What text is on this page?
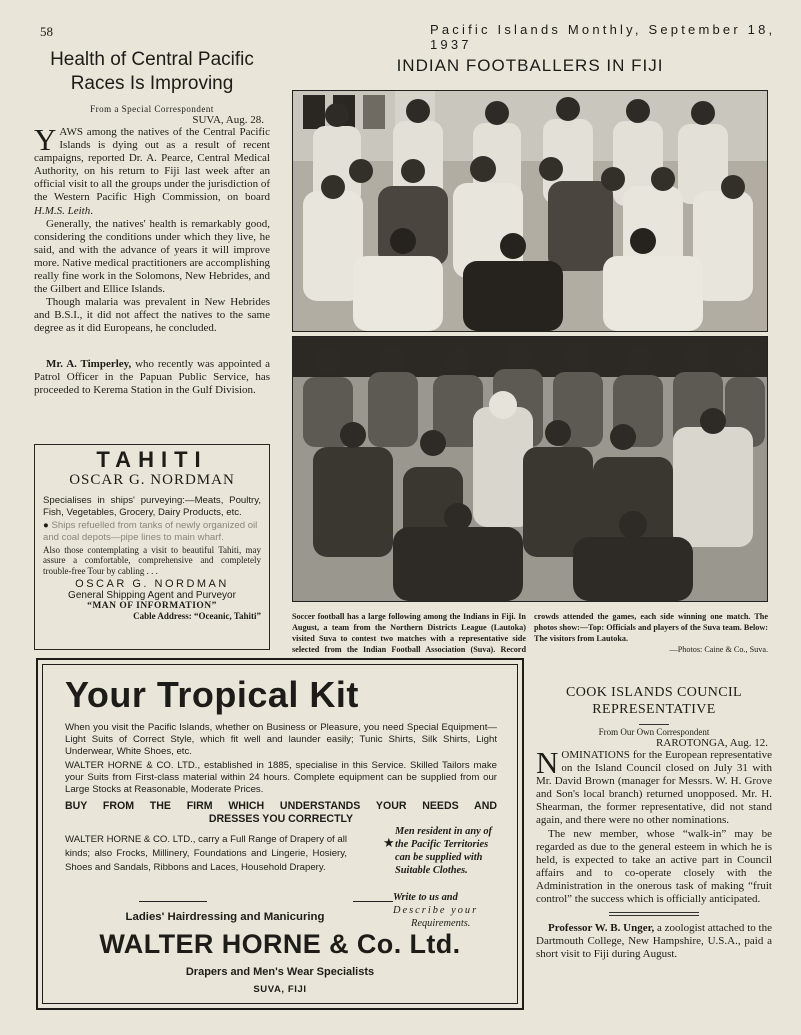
58	Pacific Islands Monthly, September 18, 1937
Health of Central Pacific
Races Is Improving
From a Special Correspondent
SUVA, Aug. 28.

YAWS among the natives of the Central Pacific Islands is dying out as a result of recent campaigns, reported Dr. A. Pearce, Central Medical Authority, on his return to Fiji last week after an official visit to all the groups under the jurisdiction of the Western Pacific High Commission, on board H.M.S. Leith.

Generally, the natives' health is remarkably good, considering the conditions under which they live, he said, and with the advance of years it will improve more. Native medical practitioners are accomplishing really fine work in the Solomons, New Hebrides, and the Gilbert and Ellice Islands.

Though malaria was prevalent in New Hebrides and B.S.I., it did not affect the natives to the same degree as it did Europeans, he concluded.

Mr. A. Timperley, who recently was appointed a Patrol Officer in the Papuan Public Service, has proceeded to Kerema Station in the Gulf Division.

TAHITI
OSCAR G. NORDMAN

Specialises in ships' purveying:—Meats, Poultry, Fish, Vegetables, Grocery, Dairy Products, etc.

● Ships refuelled from tanks of newly organized oil and coal depots—pipe lines to main wharf.

Also those contemplating a visit to beautiful Tahiti, may assure a comfortable, comprehensive and completely trouble-free Tour by cabling . . .

OSCAR G. NORDMAN
General Shipping Agent and Purveyor
“MAN OF INFORMATION”
Cable Address: “Oceanic, Tahiti”
INDIAN FOOTBALLERS IN FIJI
Soccer football has a large following among the Indians in Fiji. In August, a team from the Northern Districts League (Lautoka) visited Suva to contest two matches with a representative side selected from the Indian Football Association (Suva). Record crowds attended the games, each side winning one match. The photos show:—Top: Officials and players of the Suva team. Below: The visitors from Lautoka.
—Photos: Caine & Co., Suva.
Your Tropical Kit

When you visit the Pacific Islands, whether on Business or Pleasure, you need Special Equipment—Light Suits of Correct Style, which fit well and launder easily; Tunic Shirts, Silk Shirts, Light Underwear, White Shoes, etc.

WALTER HORNE & CO. LTD., established in 1885, specialise in this Service. Skilled Tailors make your Suits from First-class material within 24 hours. Complete equipment can be supplied from our Large Stocks at Reasonable, Moderate Prices.

BUY FROM THE FIRM WHICH UNDERSTANDS YOUR NEEDS AND
DRESSES YOU CORRECTLY

WALTER HORNE & CO. LTD., carry a Full Range of Drapery of all kinds; also Frocks, Millinery, Foundations and Lingerie, Hosiery, Shoes and Sandals, Ribbons and Laces, Household Drapery.

★
Men resident in any of the Pacific Territories can be supplied with Suitable Clothes.
Write to us and
Describe your
Requirements.
Ladies' Hairdressing and Manicuring
WALTER HORNE & Co. Ltd.
Drapers and Men's Wear Specialists
SUVA, FIJI
COOK ISLANDS COUNCIL
REPRESENTATIVE
From Our Own Correspondent
RAROTONGA, Aug. 12.

NOMINATIONS for the European representative on the Island Council closed on July 31 with Mr. David Brown (manager for Messrs. W. H. Grove and Son's local branch) returned unopposed. Mr. H. Shearman, the former representative, did not stand again, and there were no other nominations.

The new member, whose “walk-in” may be regarded as due to the general esteem in which he is held, is expected to take an active part in Council affairs and to co-operate closely with the Administration in the onerous task of making “fruit control” the success which is officially anticipated.

Professor W. B. Unger, a zoologist attached to the Dartmouth College, New Hampshire, U.S.A., paid a short visit to Fiji during August.
